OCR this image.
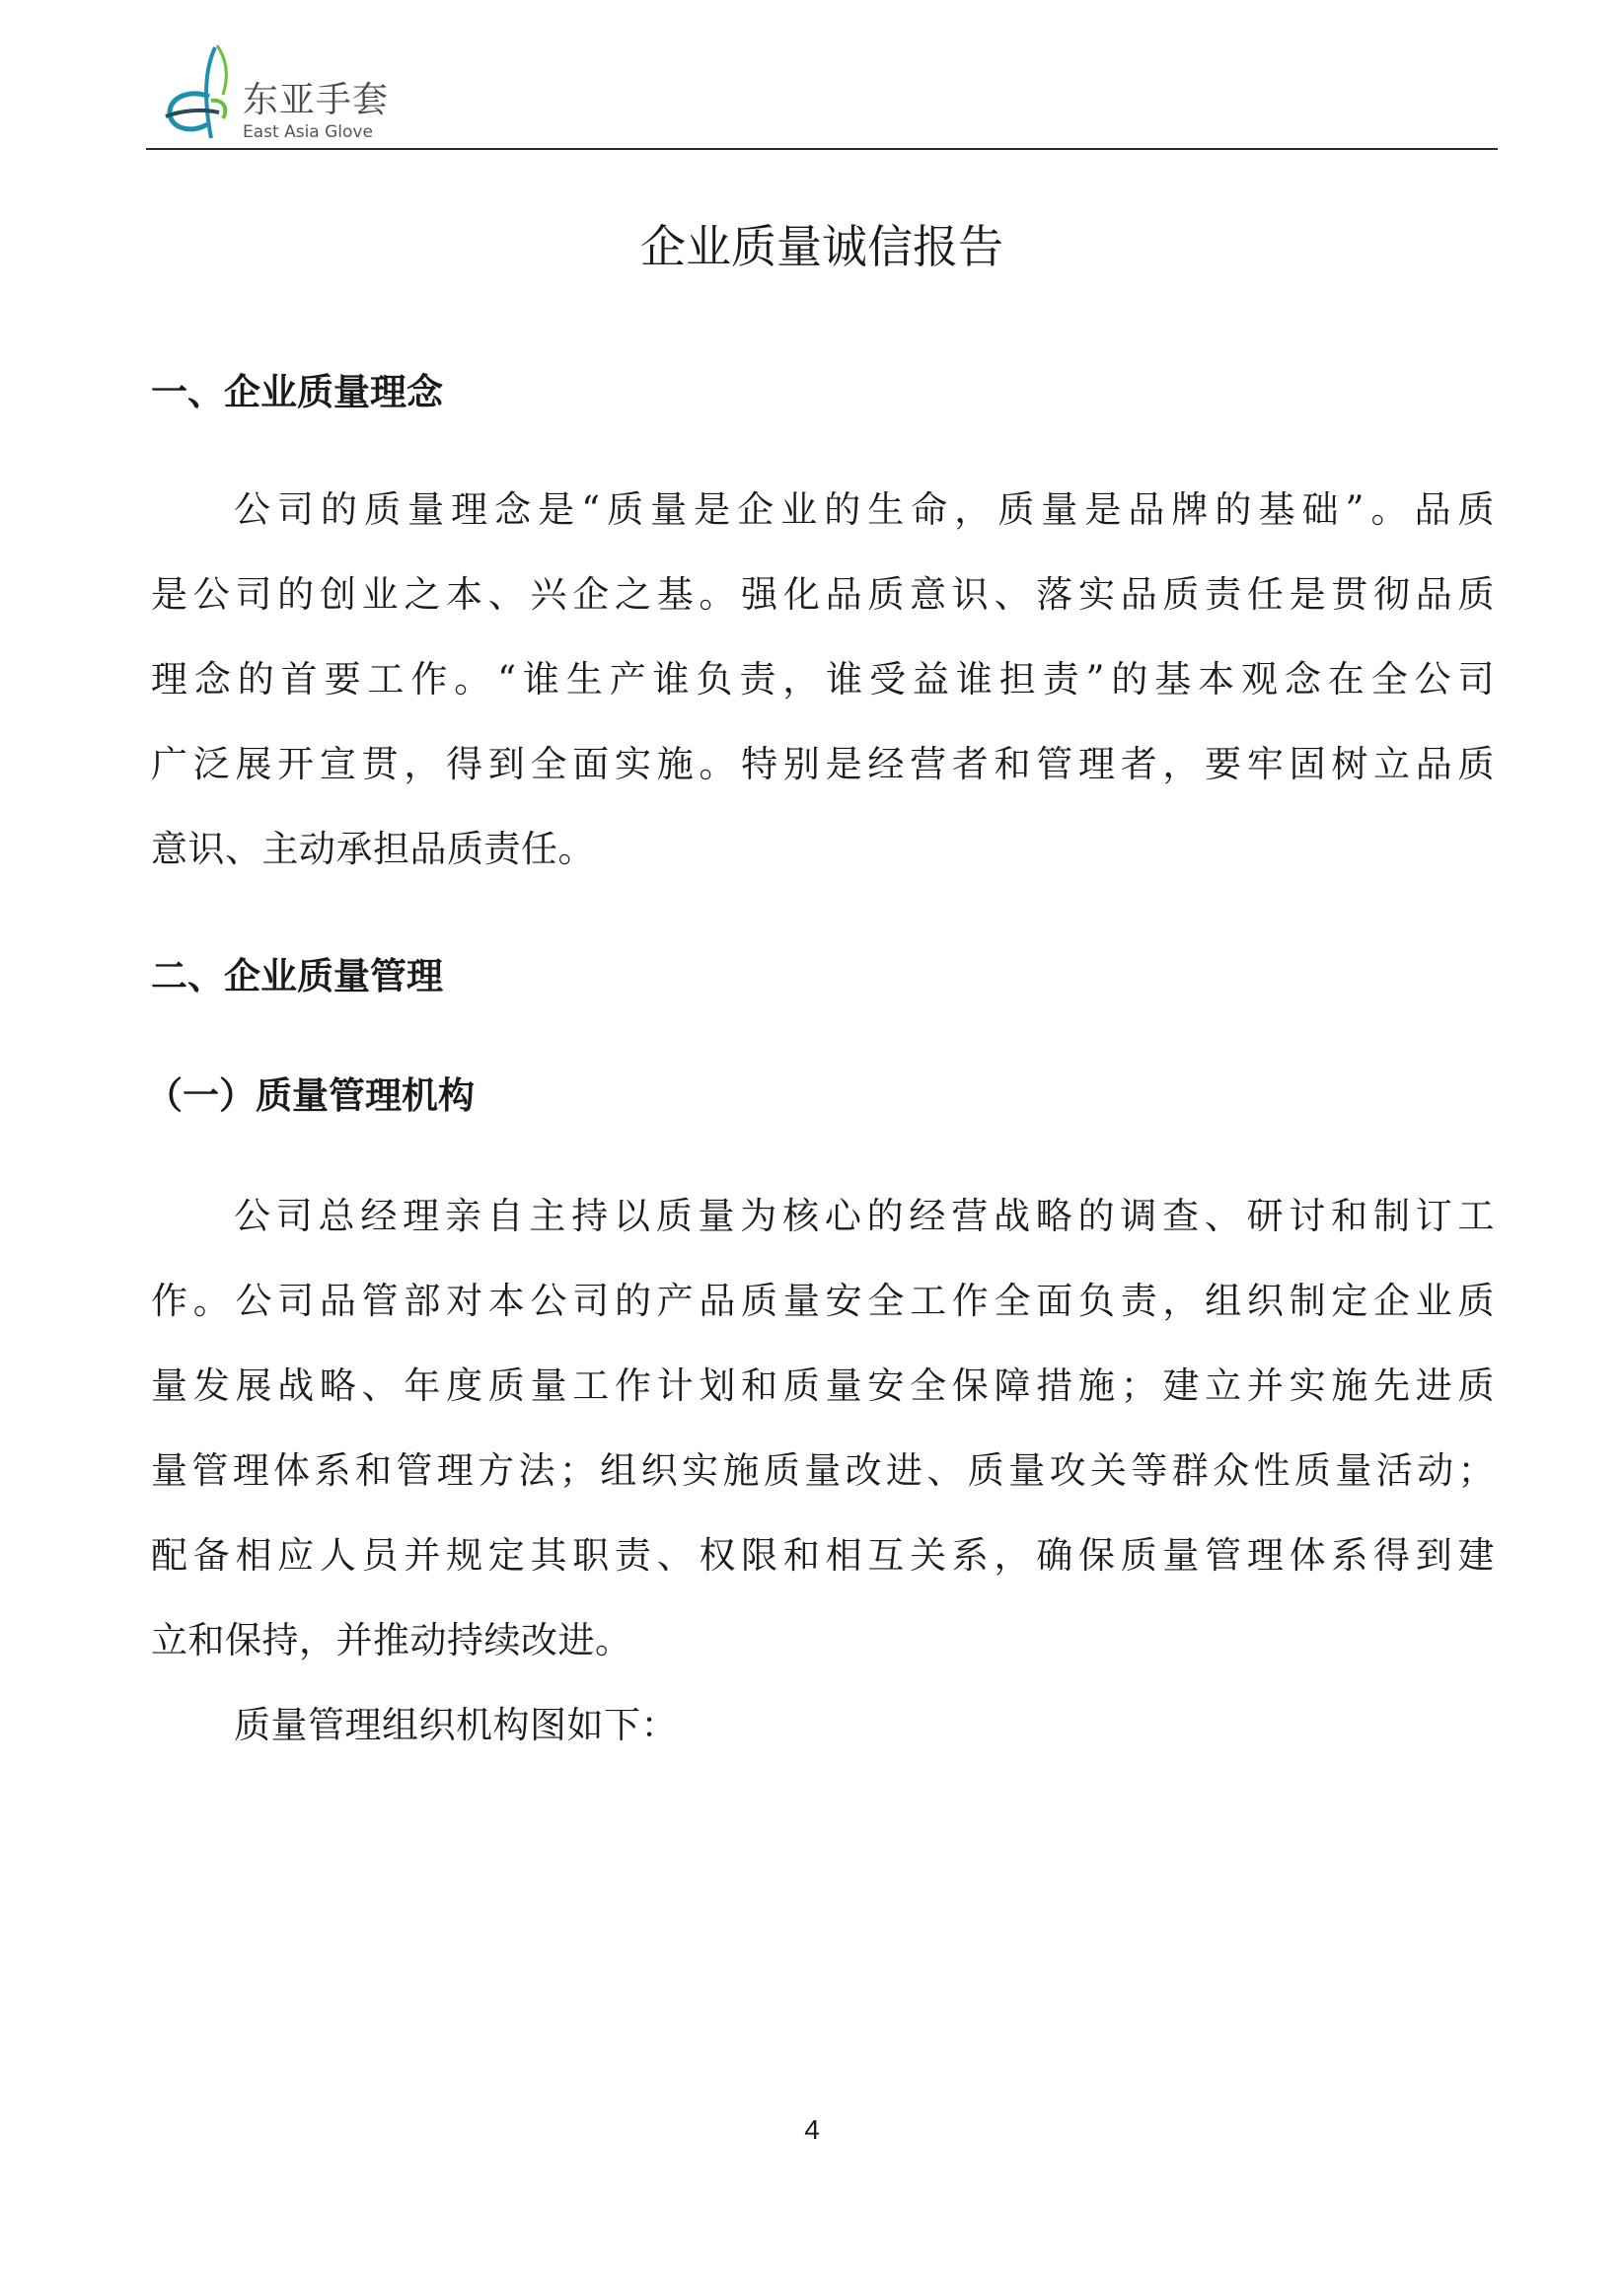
东亚手套
East Asia Glove
企业质量诚信报告
一、企业质量理念
公司的质量理念是“质量是企业的生命，质量是品牌的基础”。品质
是公司的创业之本、兴企之基。强化品质意识、落实品质责任是贯彻品质
理念的首要工作。“谁生产谁负责，谁受益谁担责”的基本观念在全公司
广泛展开宣贯，得到全面实施。特别是经营者和管理者，要牢固树立品质
意识、主动承担品质责任。
二、企业质量管理
（一）质量管理机构
公司总经理亲自主持以质量为核心的经营战略的调查、研讨和制订工
作。公司品管部对本公司的产品质量安全工作全面负责，组织制定企业质
量发展战略、年度质量工作计划和质量安全保障措施；建立并实施先进质
量管理体系和管理方法；组织实施质量改进、质量攻关等群众性质量活动；
配备相应人员并规定其职责、权限和相互关系，确保质量管理体系得到建
立和保持，并推动持续改进。
质量管理组织机构图如下：
4
